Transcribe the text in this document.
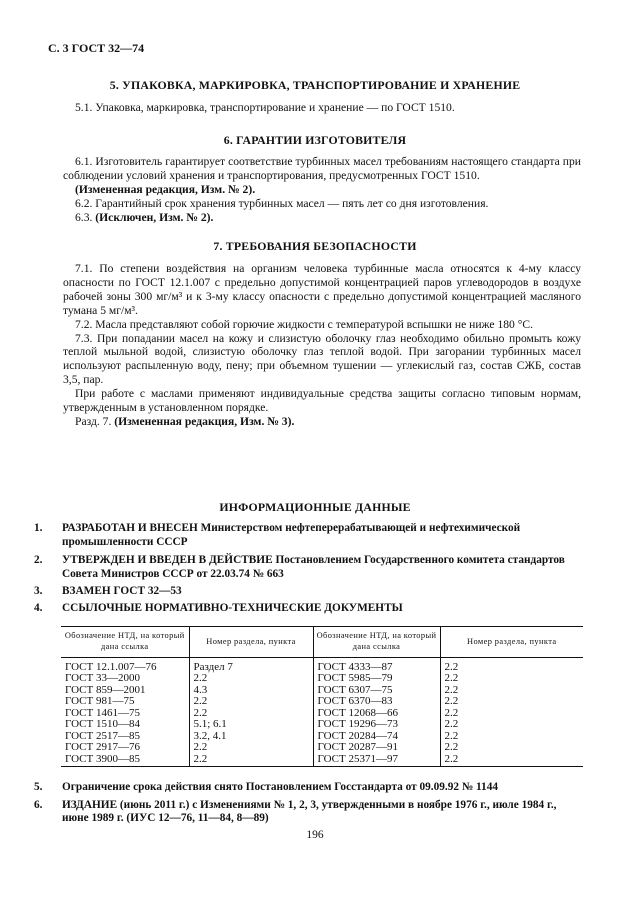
С. 3 ГОСТ 32—74
5. УПАКОВКА, МАРКИРОВКА, ТРАНСПОРТИРОВАНИЕ И ХРАНЕНИЕ

5.1. Упаковка, маркировка, транспортирование и хранение — по ГОСТ 1510.

6. ГАРАНТИИ ИЗГОТОВИТЕЛЯ

6.1. Изготовитель гарантирует соответствие турбинных масел требованиям настоящего стандарта при соблюдении условий хранения и транспортирования, предусмотренных ГОСТ 1510.

(Измененная редакция, Изм. № 2).

6.2. Гарантийный срок хранения турбинных масел — пять лет со дня изготовления.

6.3. (Исключен, Изм. № 2).

7. ТРЕБОВАНИЯ БЕЗОПАСНОСТИ

7.1. По степени воздействия на организм человека турбинные масла относятся к 4-му классу опасности по ГОСТ 12.1.007 с предельно допустимой концентрацией паров углеводородов в воздухе рабочей зоны 300 мг/м³ и к 3-му классу опасности с предельно допустимой концентрацией масляного тумана 5 мг/м³.

7.2. Масла представляют собой горючие жидкости с температурой вспышки не ниже 180 °С.

7.3. При попадании масел на кожу и слизистую оболочку глаз необходимо обильно промыть кожу теплой мыльной водой, слизистую оболочку глаз теплой водой. При загорании турбинных масел используют распыленную воду, пену; при объемном тушении — углекислый газ, состав СЖБ, состав 3,5, пар.

При работе с маслами применяют индивидуальные средства защиты согласно типовым нормам, утвержденным в установленном порядке.

Разд. 7. (Измененная редакция, Изм. № 3).

ИНФОРМАЦИОННЫЕ ДАННЫЕ
1. РАЗРАБОТАН И ВНЕСЕН Министерством нефтеперерабатывающей и нефтехимической промышленности СССР
2. УТВЕРЖДЕН И ВВЕДЕН В ДЕЙСТВИЕ Постановлением Государственного комитета стандартов Совета Министров СССР от 22.03.74 № 663
3. ВЗАМЕН ГОСТ 32—53
4. ССЫЛОЧНЫЕ НОРМАТИВНО-ТЕХНИЧЕСКИЕ ДОКУМЕНТЫ
Обозначение НТД, на который дана ссылка	Номер раздела, пункта	Обозначение НТД, на который дана ссылка	Номер раздела, пункта
ГОСТ 12.1.007—76	Раздел 7	ГОСТ 4333—87	2.2
ГОСТ 33—2000	2.2	ГОСТ 5985—79	2.2
ГОСТ 859—2001	4.3	ГОСТ 6307—75	2.2
ГОСТ 981—75	2.2	ГОСТ 6370—83	2.2
ГОСТ 1461—75	2.2	ГОСТ 12068—66	2.2
ГОСТ 1510—84	5.1; 6.1	ГОСТ 19296—73	2.2
ГОСТ 2517—85	3.2, 4.1	ГОСТ 20284—74	2.2
ГОСТ 2917—76	2.2	ГОСТ 20287—91	2.2
ГОСТ 3900—85	2.2	ГОСТ 25371—97	2.2
5. Ограничение срока действия снято Постановлением Госстандарта от 09.09.92 № 1144
6. ИЗДАНИЕ (июнь 2011 г.) с Изменениями № 1, 2, 3, утвержденными в ноябре 1976 г., июле 1984 г., июне 1989 г. (ИУС 12—76, 11—84, 8—89)
196
